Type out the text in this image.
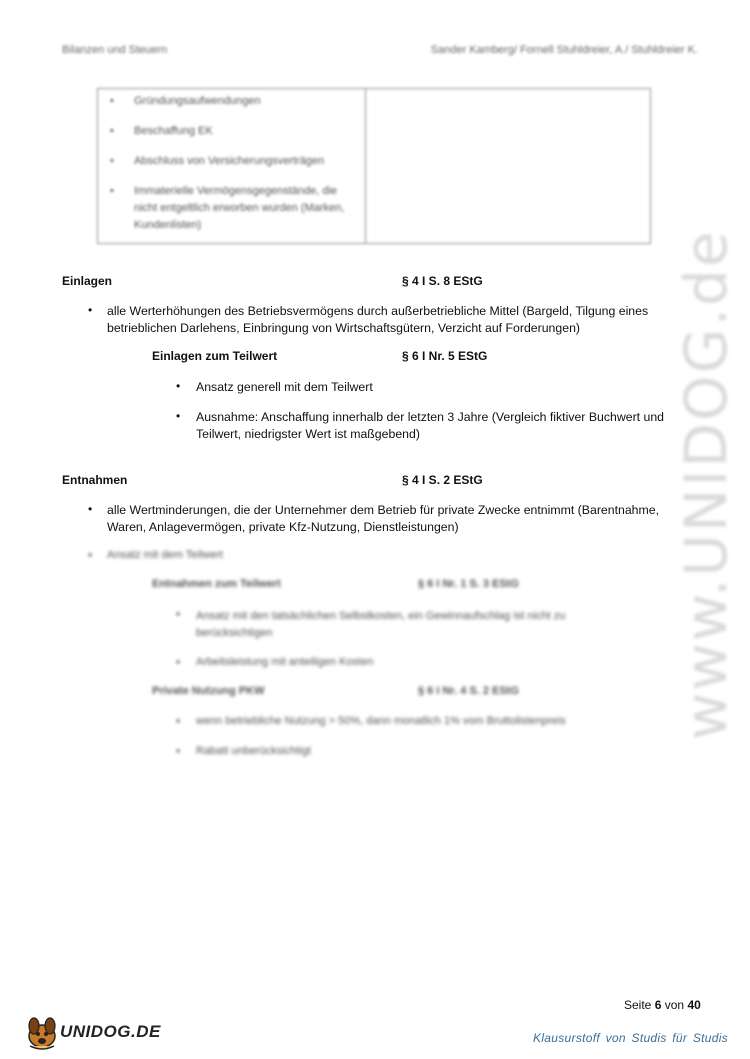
Bilanzen und Steuern	Sander Kamberg/ Fornell Stuhldreier, A./ Stuhldreier K.
• Gründungsaufwendungen
• Beschaffung EK
• Abschluss von Versicherungsverträgen
• Immaterielle Vermögensgegenstände, die nicht entgeltlich erworben wurden (Marken, Kundenlisten)
Einlagen	§ 4 I S. 8 EStG
• alle Werterhöhungen des Betriebsvermögens durch außerbetriebliche Mittel (Bargeld, Tilgung eines
betrieblichen Darlehens, Einbringung von Wirtschaftsgütern, Verzicht auf Forderungen)
Einlagen zum Teilwert	§ 6 I Nr. 5 EStG
• Ansatz generell mit dem Teilwert
• Ausnahme: Anschaffung innerhalb der letzten 3 Jahre (Vergleich fiktiver Buchwert und
Teilwert, niedrigster Wert ist maßgebend)
Entnahmen	§ 4 I S. 2 EStG
• alle Wertminderungen, die der Unternehmer dem Betrieb für private Zwecke entnimmt (Barentnahme,
Waren, Anlagevermögen, private Kfz-Nutzung, Dienstleistungen)
• Ansatz mit dem Teilwert
Entnahmen zum Teilwert	§ 6 I Nr. 1 S. 3 EStG
• Ansatz mit den tatsächlichen Selbstkosten, ein Gewinnaufschlag ist nicht zu
berücksichtigen
• Arbeitsleistung mit anteiligen Kosten
Private Nutzung PKW	§ 6 I Nr. 4 S. 2 EStG
• wenn betriebliche Nutzung > 50%, dann monatlich 1% vom Bruttolistenpreis
• Rabatt unberücksichtigt
www.UNIDOG.de
Seite 6 von 40
UNIDOG.DE	Klausurstoff von Studis für Studis
